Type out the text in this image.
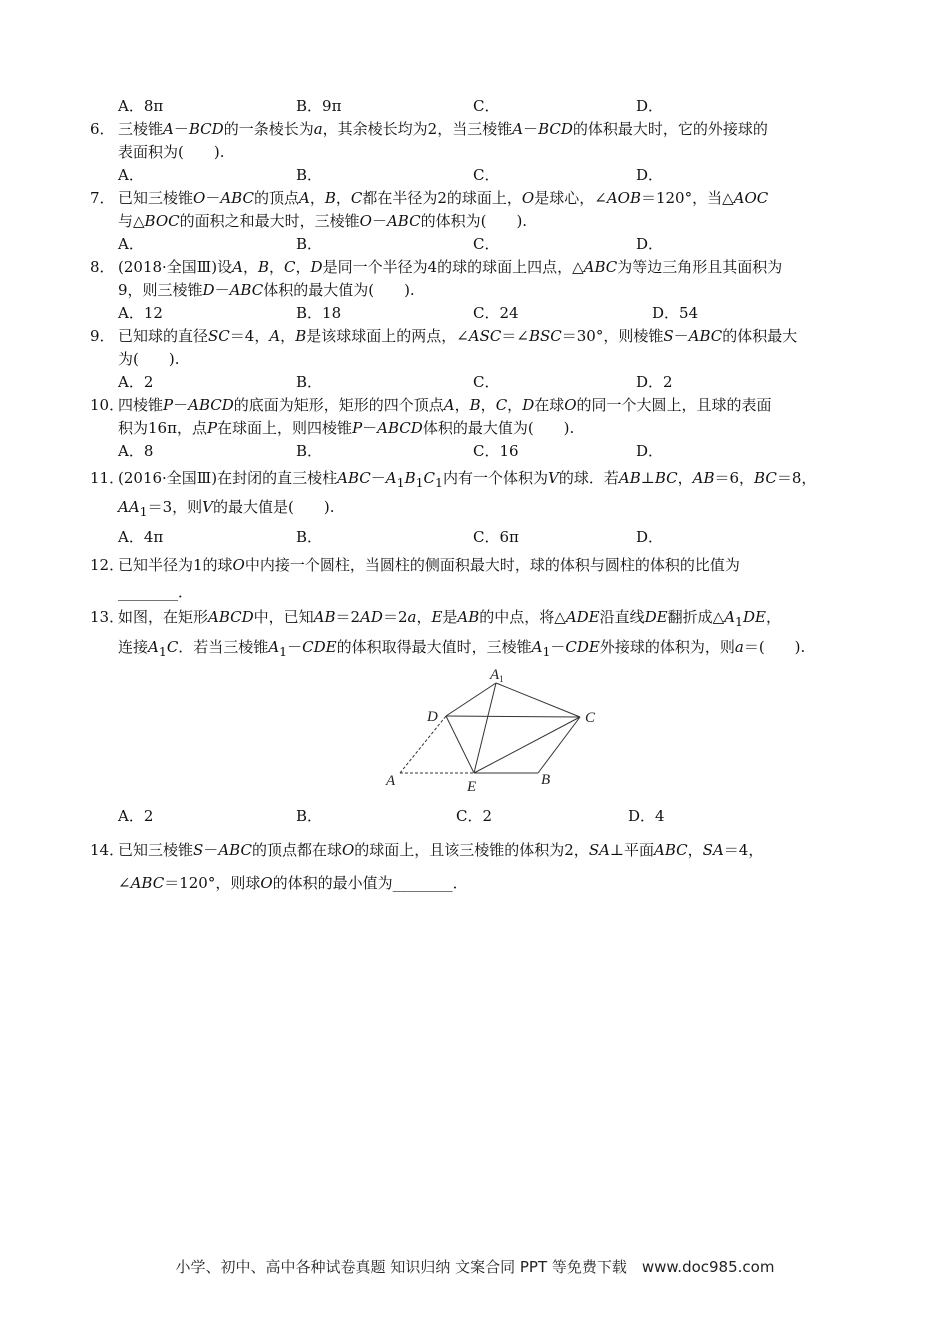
A．8π	B．9π	C．	D．
6． 三棱锥A－BCD的一条棱长为a，其余棱长均为2，当三棱锥A－BCD的体积最大时，它的外接球的
表面积为(　　).
A．	B．	C．	D．
7． 已知三棱锥O－ABC的顶点A，B，C都在半径为2的球面上，O是球心，∠AOB＝120°，当△AOC
与△BOC的面积之和最大时，三棱锥O－ABC的体积为(　　).
A．	B．	C．	D．
8． (2018·全国Ⅲ)设A，B，C，D是同一个半径为4的球的球面上四点，△ABC为等边三角形且其面积为
9，则三棱锥D－ABC体积的最大值为(　　).
A．12	B．18	C．24	D．54
9． 已知球的直径SC＝4，A，B是该球球面上的两点，∠ASC＝∠BSC＝30°，则棱锥S－ABC的体积最大
为(　　).
A．2	B．	C．	D．2
10．
四棱锥P－ABCD的底面为矩形，矩形的四个顶点A，B，C，D在球O的同一个大圆上，且球的表面
积为16π，点P在球面上，则四棱锥P－ABCD体积的最大值为(　　).
A．8	B．	C．16	D．
11．
(2016·全国Ⅲ)在封闭的直三棱柱$ABC-A_1B_1C_1$内有一个体积为V的球．若AB⊥BC，AB＝6，BC＝8，
$AA_1=3$，则V的最大值是(　　).
A．4π	B．	C．6π	D．
12．
已知半径为1的球O中内接一个圆柱，当圆柱的侧面积最大时，球的体积与圆柱的体积的比值为
________．
13．
如图，在矩形ABCD中，已知AB＝2AD＝2a，E是AB的中点，将△ADE沿直线DE翻折成$\triangle A_1DE$，
连接$A_1C$．若当三棱锥$A_1-CDE$的体积取得最大值时，三棱锥$A_1-CDE$外接球的体积为，则a＝(　　).
A．2	B．	C．2	D．4
14．
已知三棱锥S－ABC的顶点都在球O的球面上，且该三棱锥的体积为2，SA⊥平面ABC，SA＝4，
∠ABC＝120°，则球O的体积的最小值为________．
$A_1$
D	C
A	E	B
小学、初中、高中各种试卷真题 知识归纳 文案合同 PPT 等免费下载　www.doc985.com
